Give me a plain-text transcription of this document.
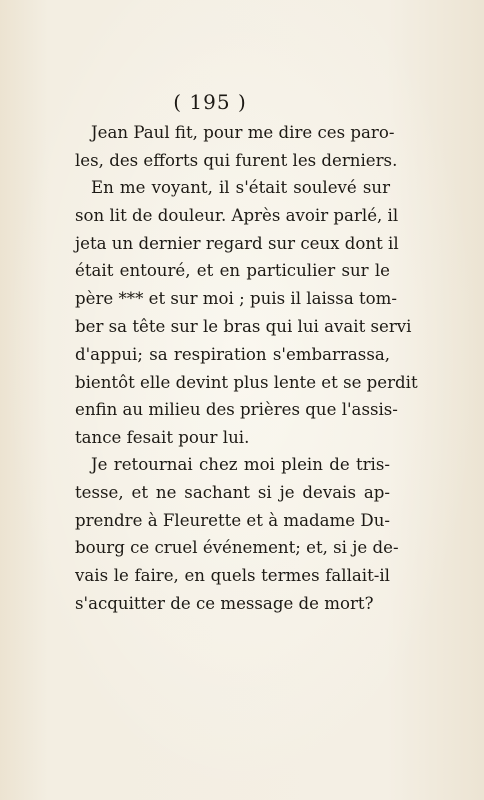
( 195 )
Jean Paul fit, pour me dire ces paro-
les, des efforts qui furent les derniers.
En me voyant, il s'était soulevé sur
son lit de douleur. Après avoir parlé, il
jeta un dernier regard sur ceux dont il
était entouré, et en particulier sur le
père *** et sur moi ; puis il laissa tom-
ber sa tête sur le bras qui lui avait servi
d'appui; sa respiration s'embarrassa,
bientôt elle devint plus lente et se perdit
enfin au milieu des prières que l'assis-
tance fesait pour lui.
Je retournai chez moi plein de tris-
tesse, et ne sachant si je devais ap-
prendre à Fleurette et à madame Du-
bourg ce cruel événement; et, si je de-
vais le faire, en quels termes fallait-il
s'acquitter de ce message de mort?
